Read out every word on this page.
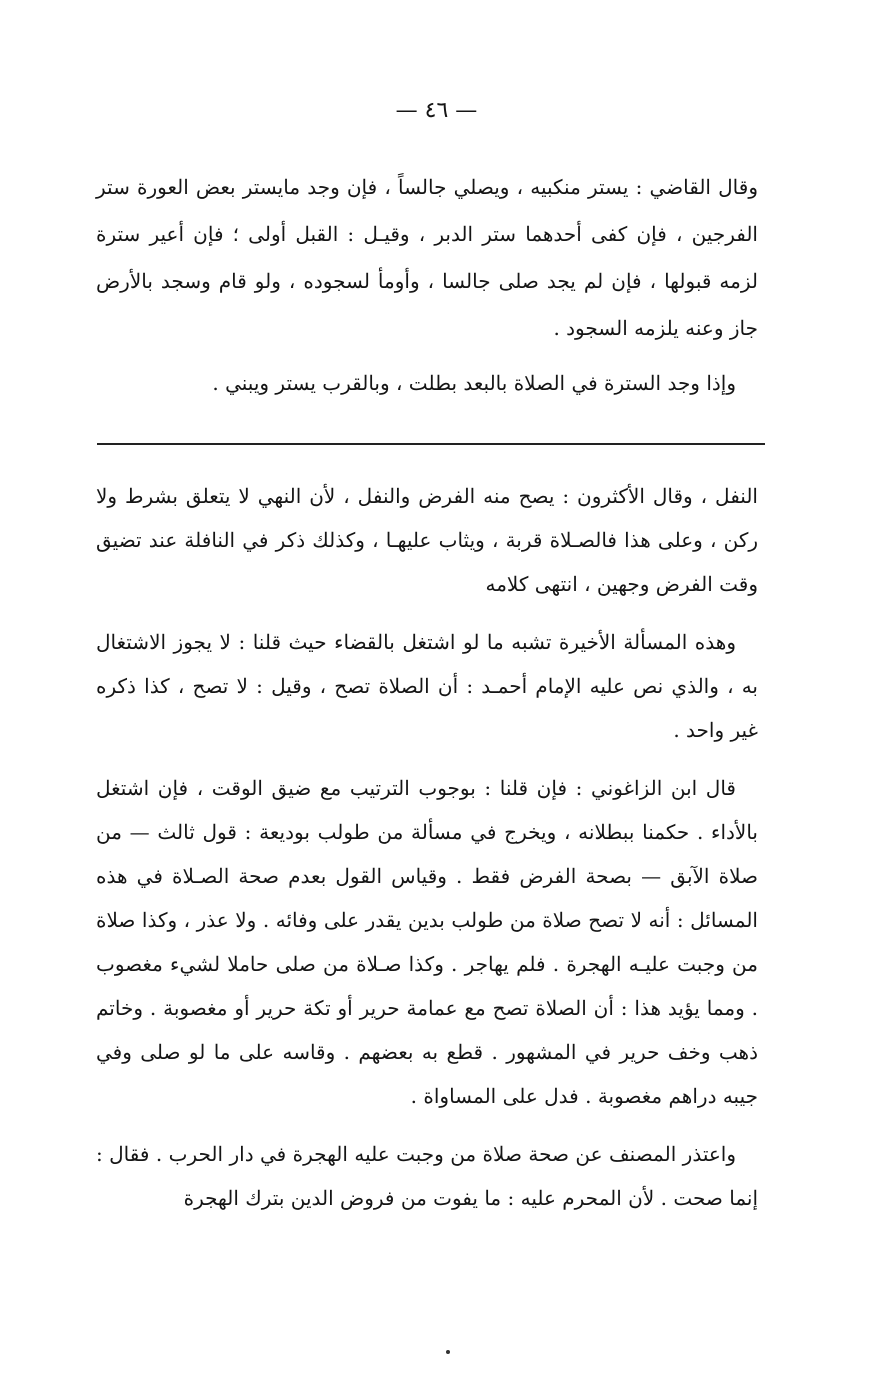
— ٤٦ —

وقال القاضي : يستر منكبيه ، ويصلي جالساً ، فإن وجد مايستر بعض العورة ستر الفرجين ، فإن كفى أحدهما ستر الدبر ، وقيـل : القبل أولى ؛ فإن أعير سترة لزمه قبولها ، فإن لم يجد صلى جالسا ، وأومأ لسجوده ، ولو قام وسجد بالأرض جاز وعنه يلزمه السجود .

وإذا وجد السترة في الصلاة بالبعد بطلت ، وبالقرب يستر ويبني .

النفل ، وقال الأكثرون : يصح منه الفرض والنفل ، لأن النهي لا يتعلق بشرط ولا ركن ، وعلى هذا فالصـلاة قربة ، ويثاب عليهـا ، وكذلك ذكر في النافلة عند تضيق وقت الفرض وجهين ، انتهى كلامه

وهذه المسألة الأخيرة تشبه ما لو اشتغل بالقضاء حيث قلنا : لا يجوز الاشتغال به ، والذي نص عليه الإمام أحمـد : أن الصلاة تصح ، وقيل : لا تصح ، كذا ذكره غير واحد .

قال ابن الزاغوني : فإن قلنا : بوجوب الترتيب مع ضيق الوقت ، فإن اشتغل بالأداء . حكمنا ببطلانه ، ويخرج في مسألة من طولب بوديعة : قول ثالث — من صلاة الآبق — بصحة الفرض فقط . وقياس القول بعدم صحة الصـلاة في هذه المسائل : أنه لا تصح صلاة من طولب بدين يقدر على وفائه . ولا عذر ، وكذا صلاة من وجبت عليـه الهجرة . فلم يهاجر . وكذا صـلاة من صلى حاملا لشيء مغصوب . ومما يؤيد هذا : أن الصلاة تصح مع عمامة حرير أو تكة حرير أو مغصوبة . وخاتم ذهب وخف حرير في المشهور . قطع به بعضهم . وقاسه على ما لو صلى وفي جيبه دراهم مغصوبة . فدل على المساواة .

واعتذر المصنف عن صحة صلاة من وجبت عليه الهجرة في دار الحرب . فقال : إنما صحت . لأن المحرم عليه : ما يفوت من فروض الدين بترك الهجرة
